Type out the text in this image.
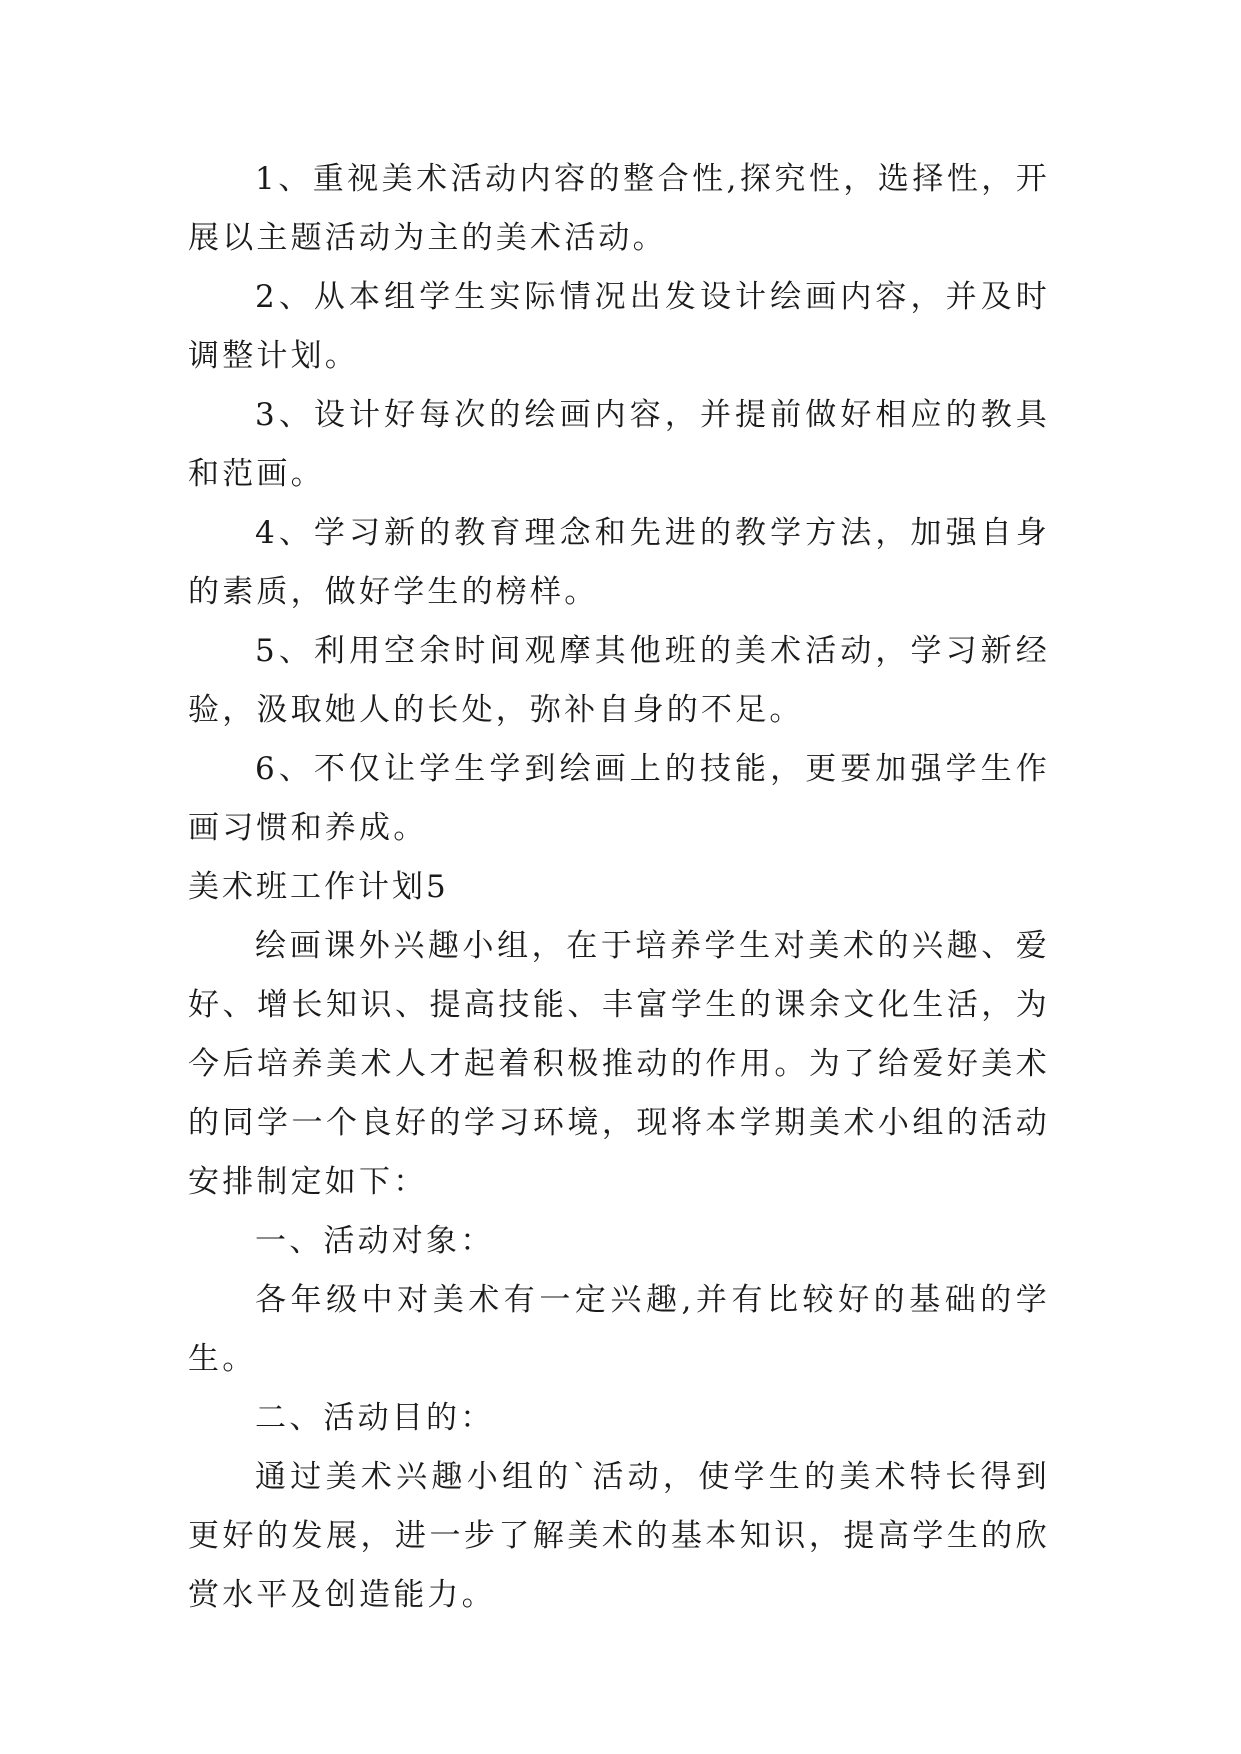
1、重视美术活动内容的整合性,探究性，选择性，开展以主题活动为主的美术活动。

2、从本组学生实际情况出发设计绘画内容，并及时调整计划。

3、设计好每次的绘画内容，并提前做好相应的教具和范画。

4、学习新的教育理念和先进的教学方法，加强自身的素质，做好学生的榜样。

5、利用空余时间观摩其他班的美术活动，学习新经验，汲取她人的长处，弥补自身的不足。

6、不仅让学生学到绘画上的技能，更要加强学生作画习惯和养成。

美术班工作计划5

绘画课外兴趣小组，在于培养学生对美术的兴趣、爱好、增长知识、提高技能、丰富学生的课余文化生活，为今后培养美术人才起着积极推动的作用。为了给爱好美术的同学一个良好的学习环境，现将本学期美术小组的活动安排制定如下：

一、活动对象：

各年级中对美术有一定兴趣,并有比较好的基础的学生。

二、活动目的：

通过美术兴趣小组的`活动，使学生的美术特长得到更好的发展，进一步了解美术的基本知识，提高学生的欣赏水平及创造能力。
